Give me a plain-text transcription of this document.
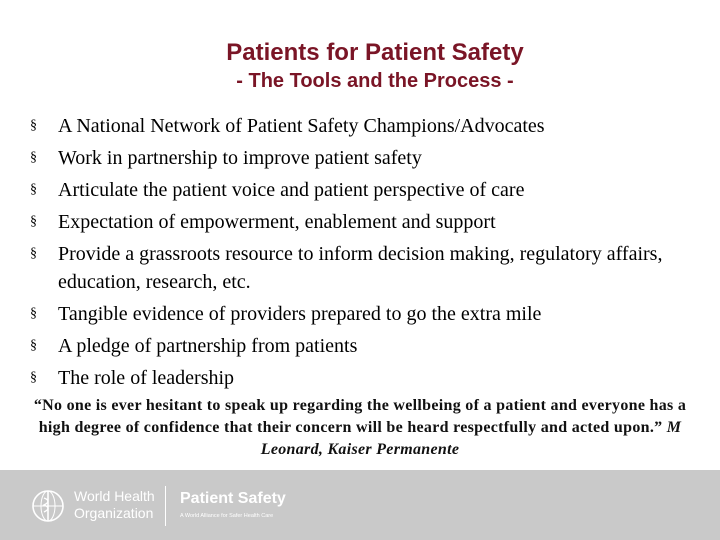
Patients for Patient Safety
- The Tools and the Process -
§	A National Network of Patient Safety Champions/Advocates
§	Work in partnership to improve patient safety
§	Articulate the patient voice and patient perspective of care
§	Expectation of empowerment, enablement and support
§	Provide a grassroots resource to inform decision making, regulatory affairs, education, research, etc.
§	Tangible evidence of providers prepared to go the extra mile
§	A pledge of partnership from patients
§	The role of leadership
“No one is ever hesitant to speak up regarding the wellbeing of a patient and everyone has a high degree of confidence that their concern will be heard respectfully and acted upon.” M Leonard, Kaiser Permanente
World Health
Organization
Patient Safety
A World Alliance for Safer Health Care
